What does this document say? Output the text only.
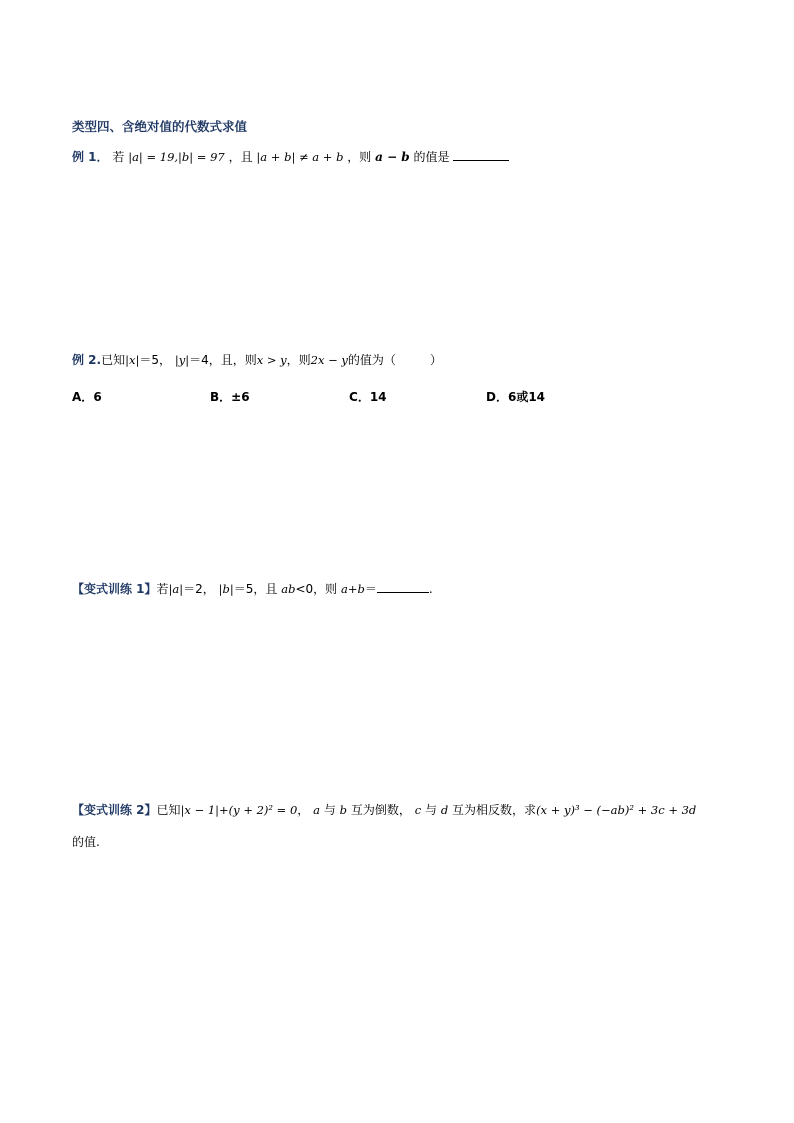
类型四、含绝对值的代数式求值
例 1． 若 |a| = 19,|b| = 97 ，且 |a + b| ≠ a + b ，则 a − b 的值是
例 2.已知|x|＝5， |y|＝4，且，则x > y，则2x − y的值为（	）
A．6	B．±6	C．14	D．6或14
【变式训练 1】若|a|＝2， |b|＝5，且 ab<0，则 a+b＝	.
【变式训练 2】已知|x − 1|+(y + 2)² = 0， a 与 b 互为倒数， c 与 d 互为相反数，求(x + y)³ − (−ab)² + 3c + 3d
的值.
